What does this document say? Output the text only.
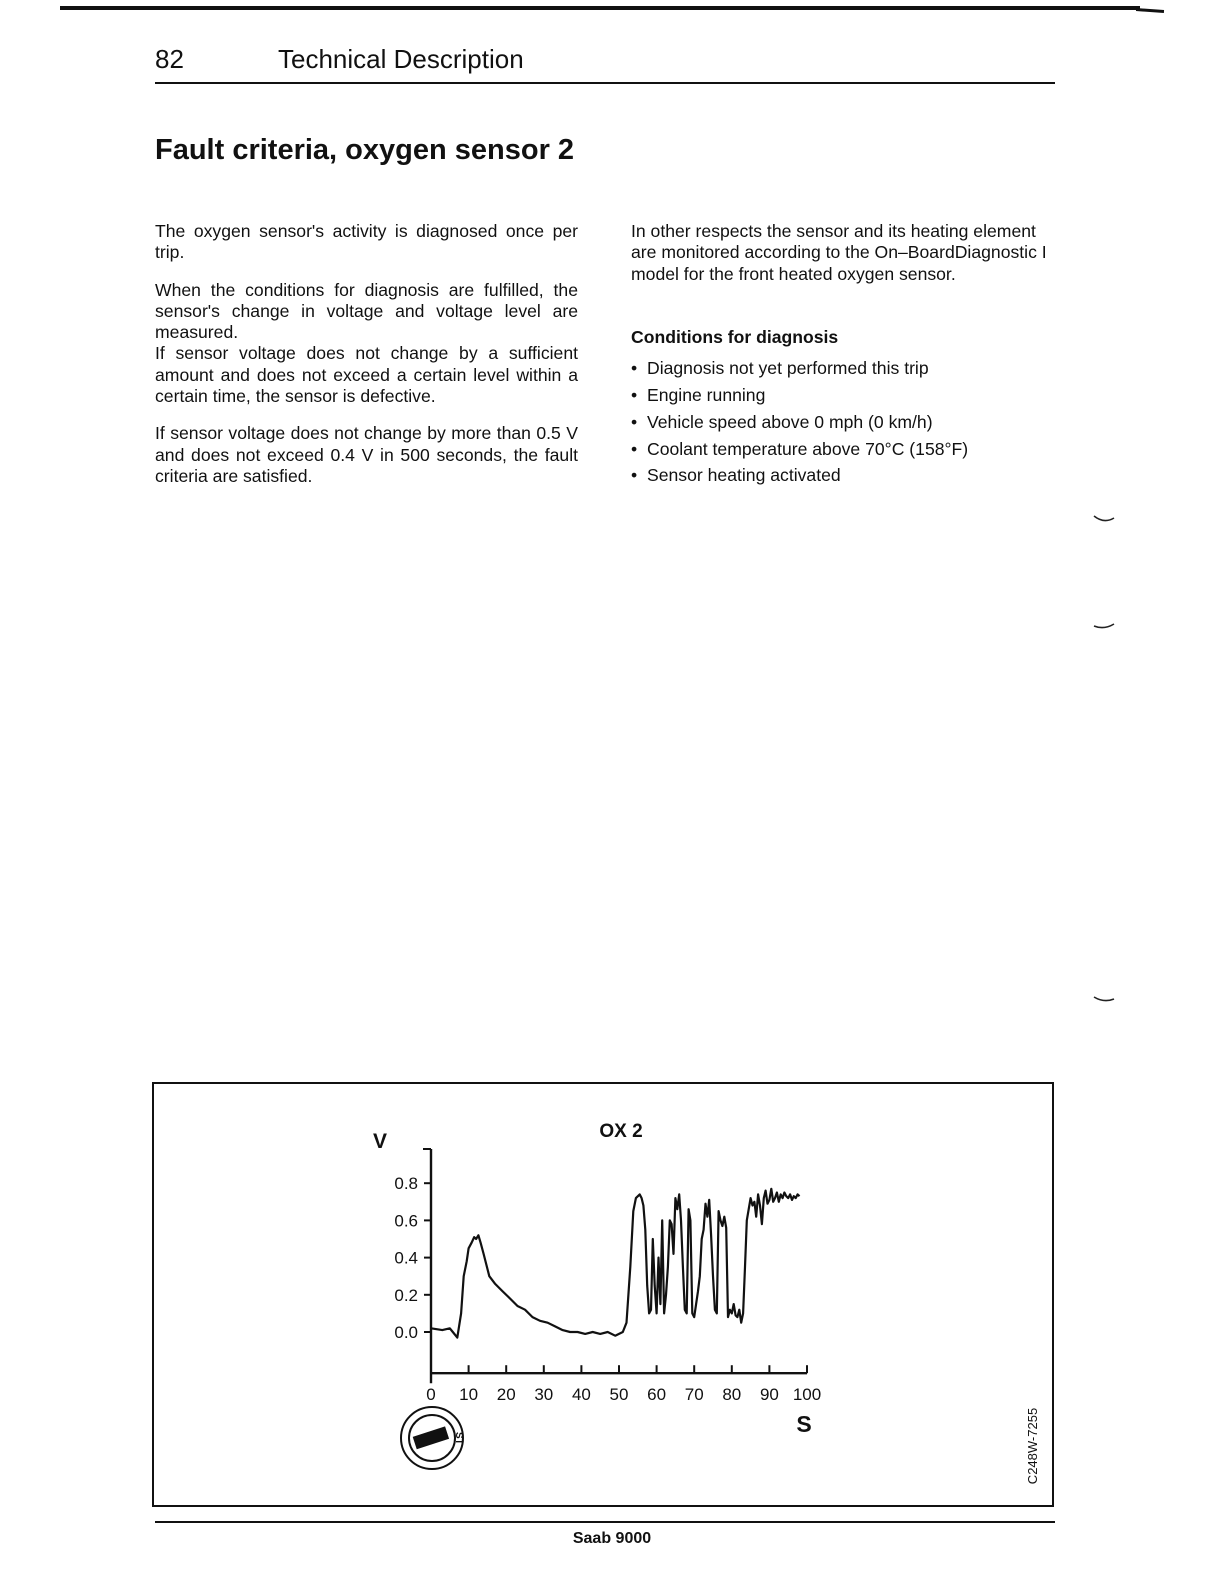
82	Technical Description
Fault criteria, oxygen sensor 2

The oxygen sensor's activity is diagnosed once per trip.

When the conditions for diagnosis are fulfilled, the sensor's change in voltage and voltage level are measured.

If sensor voltage does not change by a sufficient amount and does not exceed a certain level within a certain time, the sensor is defective.

If sensor voltage does not change by more than 0.5 V and does not exceed 0.4 V in 500 seconds, the fault criteria are satisfied.

In other respects the sensor and its heating element are monitored according to the On–BoardDiagnostic I model for the front heated oxygen sensor.

Conditions for diagnosis
• Diagnosis not yet performed this trip
• Engine running
• Vehicle speed above 0 mph (0 km/h)
• Coolant temperature above 70°C (158°F)
• Sensor heating activated
OX 2
V
S
0.0
0.2
0.4
0.6
0.8
0 10 20 30 40 50 60 70 80 90 100
ST	C248W-7255
Saab 9000
